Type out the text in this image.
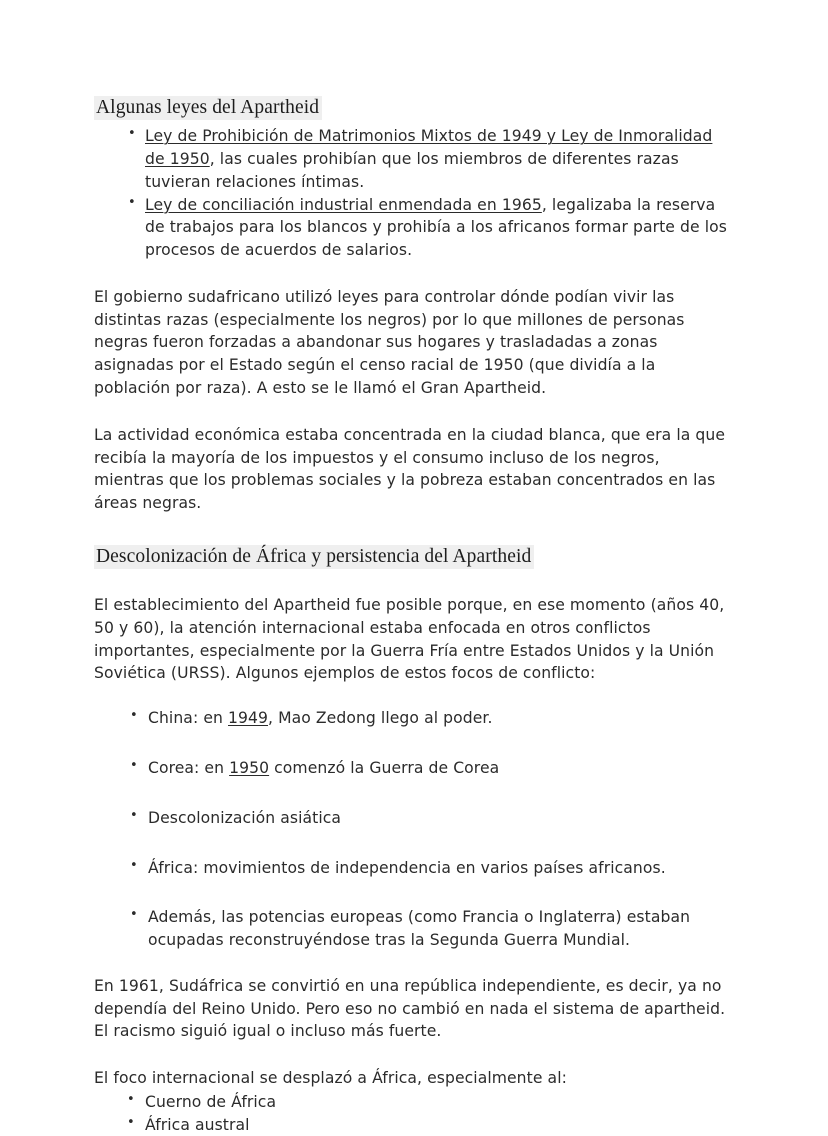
Algunas leyes del Apartheid
• Ley de Prohibición de Matrimonios Mixtos de 1949 y Ley de Inmoralidad de 1950, las cuales prohibían que los miembros de diferentes razas tuvieran relaciones íntimas.
• Ley de conciliación industrial enmendada en 1965, legalizaba la reserva de trabajos para los blancos y prohibía a los africanos formar parte de los procesos de acuerdos de salarios.

El gobierno sudafricano utilizó leyes para controlar dónde podían vivir las distintas razas (especialmente los negros) por lo que millones de personas negras fueron forzadas a abandonar sus hogares y trasladadas a zonas asignadas por el Estado según el censo racial de 1950 (que dividía a la población por raza). A esto se le llamó el Gran Apartheid.

La actividad económica estaba concentrada en la ciudad blanca, que era la que recibía la mayoría de los impuestos y el consumo incluso de los negros, mientras que los problemas sociales y la pobreza estaban concentrados en las áreas negras.

Descolonización de África y persistencia del Apartheid

El establecimiento del Apartheid fue posible porque, en ese momento (años 40, 50 y 60), la atención internacional estaba enfocada en otros conflictos importantes, especialmente por la Guerra Fría entre Estados Unidos y la Unión Soviética (URSS). Algunos ejemplos de estos focos de conflicto:

• China: en 1949, Mao Zedong llego al poder.
• Corea: en 1950 comenzó la Guerra de Corea
• Descolonización asiática
• África: movimientos de independencia en varios países africanos.
• Además, las potencias europeas (como Francia o Inglaterra) estaban ocupadas reconstruyéndose tras la Segunda Guerra Mundial.

En 1961, Sudáfrica se convirtió en una república independiente, es decir, ya no dependía del Reino Unido. Pero eso no cambió en nada el sistema de apartheid. El racismo siguió igual o incluso más fuerte.

El foco internacional se desplazó a África, especialmente al:

• Cuerno de África
• África austral
